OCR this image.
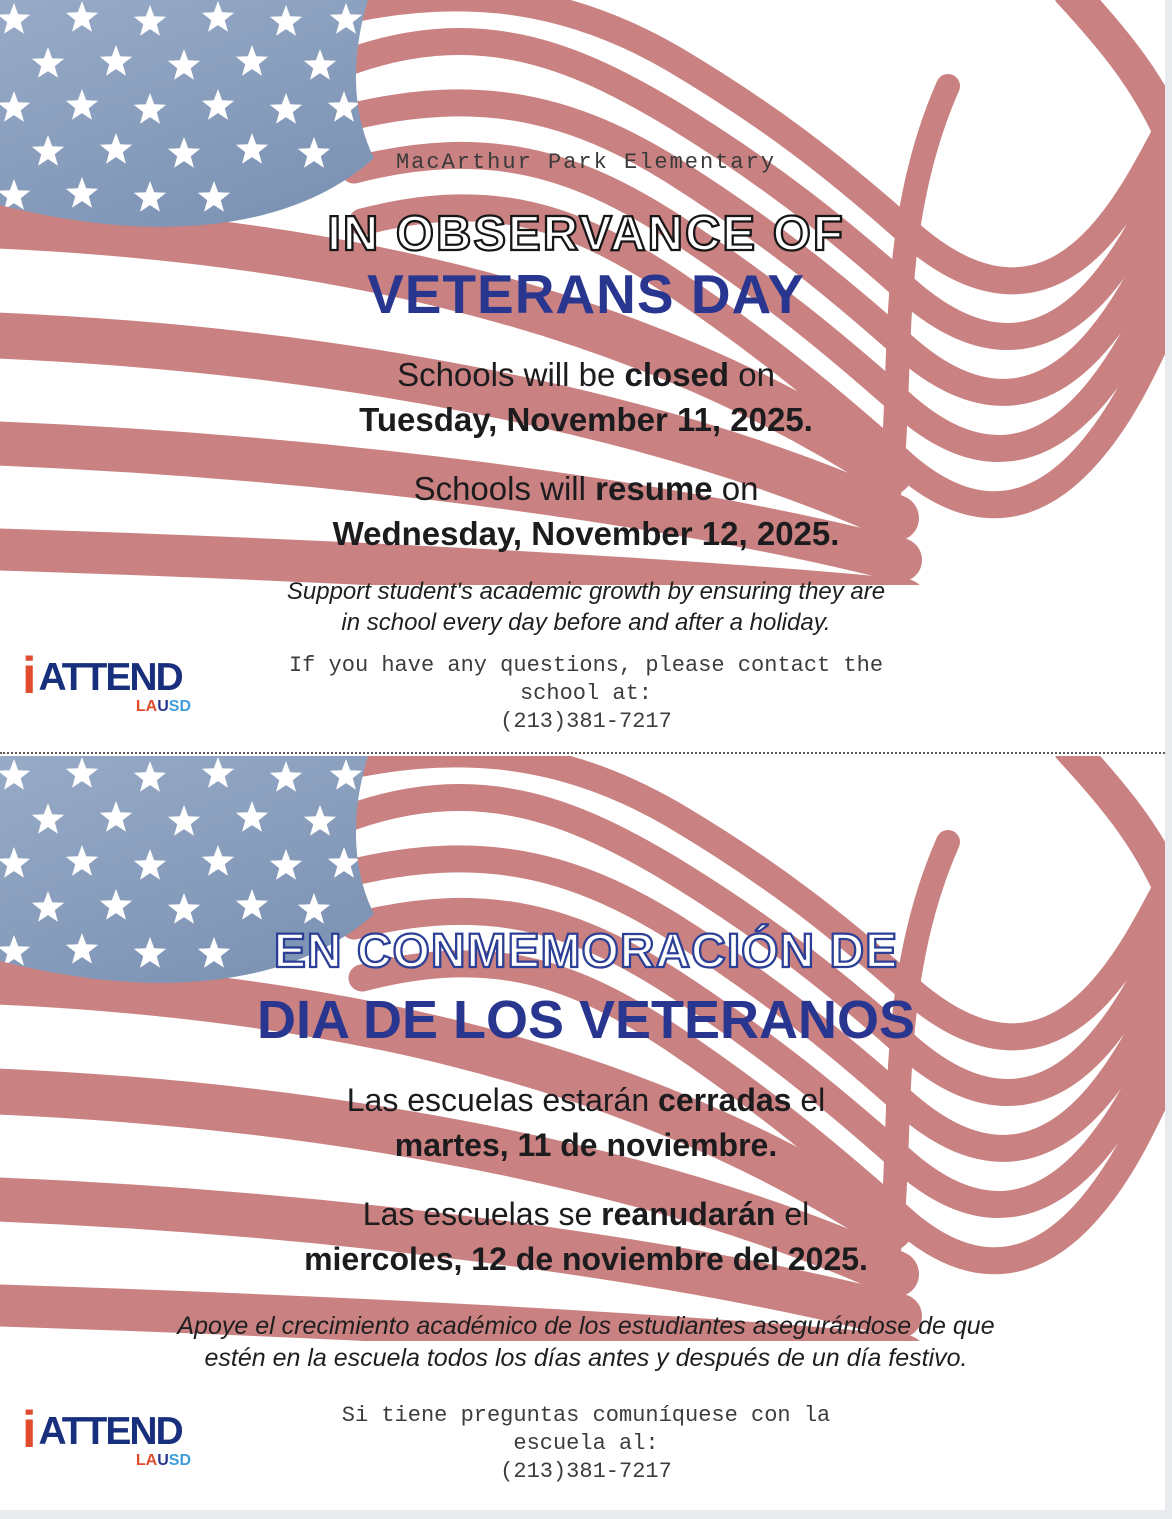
MacArthur Park Elementary
IN OBSERVANCE OF
VETERANS DAY
Schools will be closed on
Tuesday, November 11, 2025.
Schools will resume on
Wednesday, November 12, 2025.
Support student's academic growth by ensuring they are
in school every day before and after a holiday.
If you have any questions, please contact the
school at:
(213)381-7217
i ATTEND
LAUSD
EN CONMEMORACIÓN DE
DIA DE LOS VETERANOS
Las escuelas estarán cerradas el
martes, 11 de noviembre.
Las escuelas se reanudarán el
miercoles, 12 de noviembre del 2025.
Apoye el crecimiento académico de los estudiantes asegurándose de que
estén en la escuela todos los días antes y después de un día festivo.
Si tiene preguntas comuníquese con la
escuela al:
(213)381-7217
i ATTEND
LAUSD
